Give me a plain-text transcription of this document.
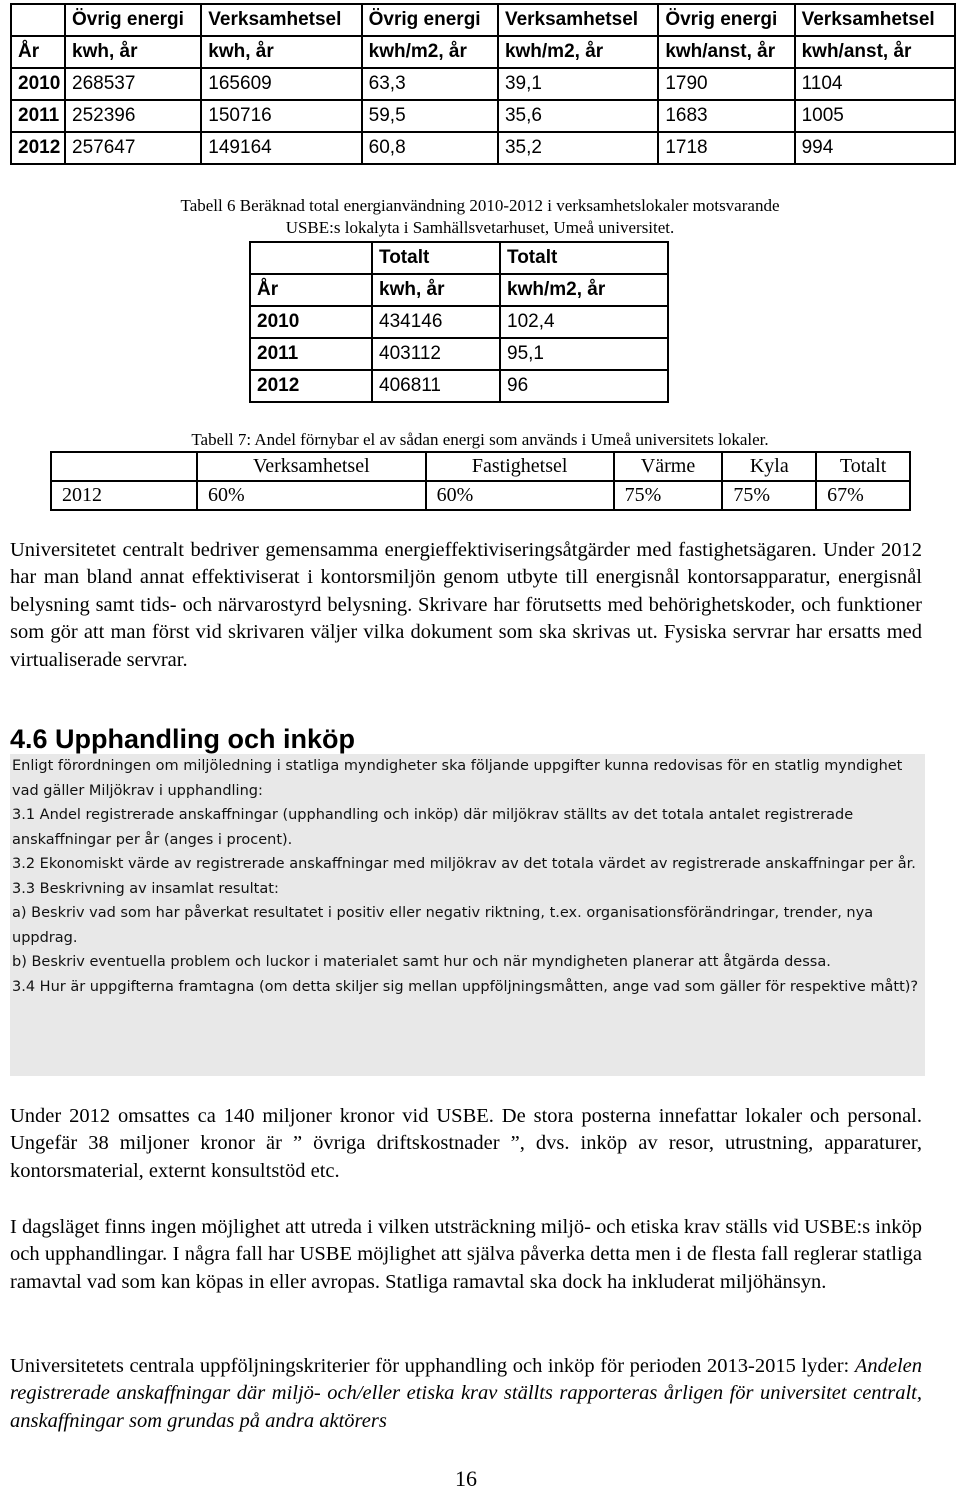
	Övrig energi	Verksamhetsel	Övrig energi	Verksamhetsel	Övrig energi	Verksamhetsel
År	kwh, år	kwh, år	kwh/m2, år	kwh/m2, år	kwh/anst, år	kwh/anst, år
2010	268537	165609	63,3	39,1	1790	1104
2011	252396	150716	59,5	35,6	1683	1005
2012	257647	149164	60,8	35,2	1718	994
Tabell 6 Beräknad total energianvändning 2010-2012 i verksamhetslokaler motsvarande
USBE:s lokalyta i Samhällsvetarhuset, Umeå universitet.
	Totalt	Totalt
År	kwh, år	kwh/m2, år
2010	434146	102,4
2011	403112	95,1
2012	406811	96
Tabell 7: Andel förnybar el av sådan energi som används i Umeå universitets lokaler.
	Verksamhetsel	Fastighetsel	Värme	Kyla	Totalt
2012	60%	60%	75%	75%	67%

Universitetet centralt bedriver gemensamma energieffektiviseringsåtgärder med fastighetsägaren. Under 2012 har man bland annat effektiviserat i kontorsmiljön genom utbyte till energisnål kontorsapparatur, energisnål belysning samt tids- och närvarostyrd belysning. Skrivare har förutsetts med behörighetskoder, och funktioner som gör att man först vid skrivaren väljer vilka dokument som ska skrivas ut. Fysiska servrar har ersatts med virtualiserade servrar.

4.6 Upphandling och inköp

Enligt förordningen om miljöledning i statliga myndigheter ska följande uppgifter kunna redovisas för en statlig myndighet vad gäller Miljökrav i upphandling:

3.1 Andel registrerade anskaffningar (upphandling och inköp) där miljökrav ställts av det totala antalet registrerade anskaffningar per år (anges i procent).

3.2 Ekonomiskt värde av registrerade anskaffningar med miljökrav av det totala värdet av registrerade anskaffningar per år.

3.3 Beskrivning av insamlat resultat:

a) Beskriv vad som har påverkat resultatet i positiv eller negativ riktning, t.ex. organisationsförändringar, trender, nya uppdrag.

b) Beskriv eventuella problem och luckor i materialet samt hur och när myndigheten planerar att åtgärda dessa.

3.4 Hur är uppgifterna framtagna (om detta skiljer sig mellan uppföljningsmåtten, ange vad som gäller för respektive mått)?

Under 2012 omsattes ca 140 miljoner kronor vid USBE. De stora posterna innefattar lokaler och personal. Ungefär 38 miljoner kronor är ” övriga driftskostnader ”, dvs. inköp av resor, utrustning, apparaturer, kontorsmaterial, externt konsultstöd etc.

I dagsläget finns ingen möjlighet att utreda i vilken utsträckning miljö- och etiska krav ställs vid USBE:s inköp och upphandlingar. I några fall har USBE möjlighet att själva påverka detta men i de flesta fall reglerar statliga ramavtal vad som kan köpas in eller avropas. Statliga ramavtal ska dock ha inkluderat miljöhänsyn.

Universitetets centrala uppföljningskriterier för upphandling och inköp för perioden 2013-2015 lyder: Andelen registrerade anskaffningar där miljö- och/eller etiska krav ställts rapporteras årligen för universitet centralt, anskaffningar som grundas på andra aktörers

16
